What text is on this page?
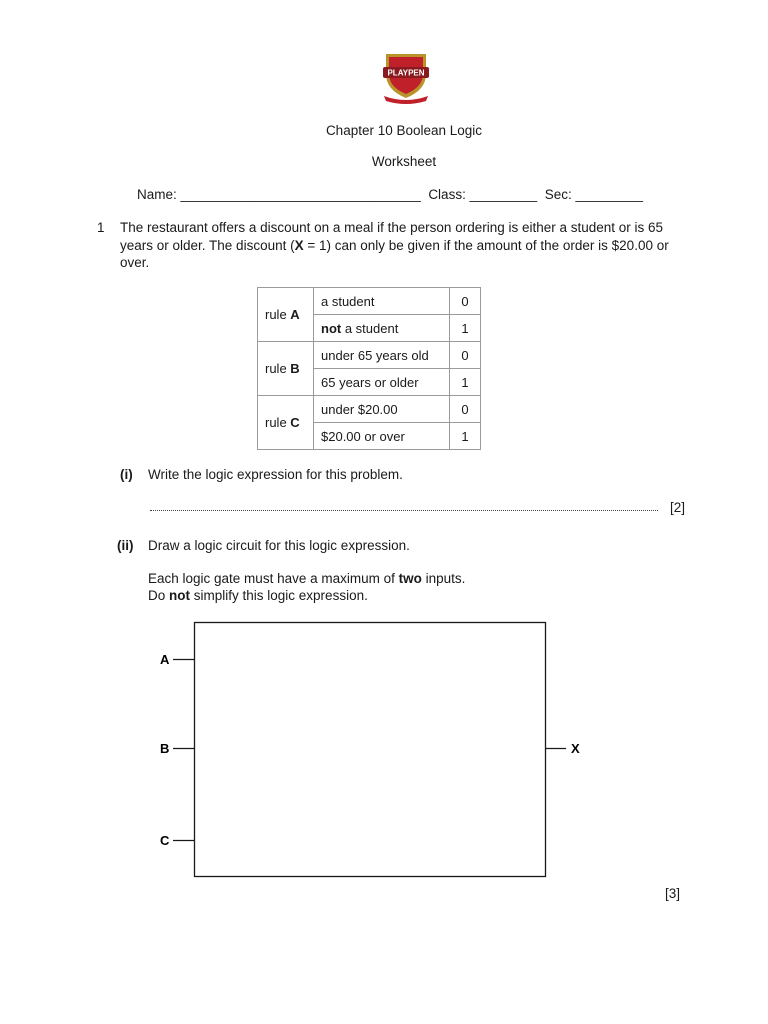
PLAYPEN
Chapter 10 Boolean Logic
Worksheet
Name: ________________________________ Class: _________ Sec: _________
1 The restaurant offers a discount on a meal if the person ordering is either a student or is 65
years or older. The discount (X = 1) can only be given if the amount of the order is $20.00 or
over.
rule A	a student	0
	not a student	1
rule B	under 65 years old	0
	65 years or older	1
rule C	under $20.00	0
	$20.00 or over	1
(i) Write the logic expression for this problem.
[2]
(ii) Draw a logic circuit for this logic expression.
Each logic gate must have a maximum of two inputs.
Do not simplify this logic expression.
A
B
C
X
[3]
